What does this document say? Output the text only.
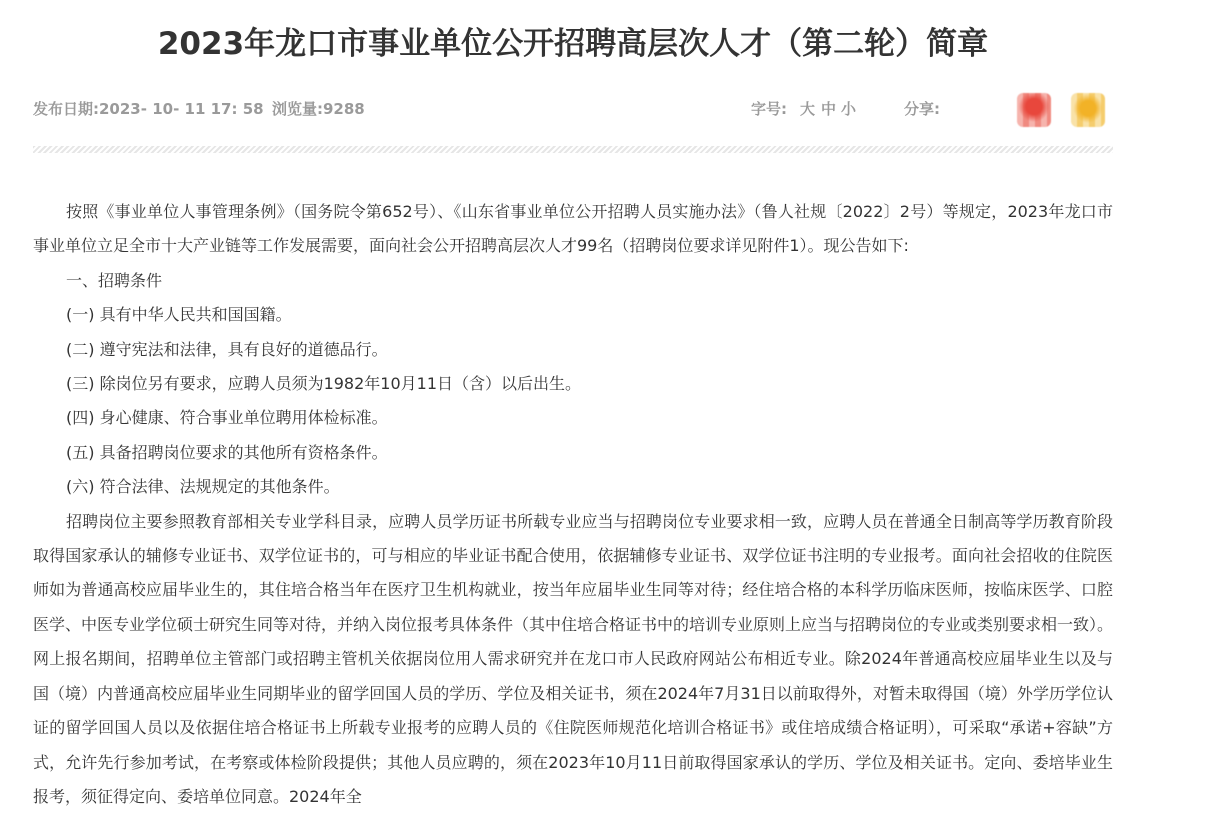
2023年龙口市事业单位公开招聘高层次人才（第二轮）简章
发布日期:2023- 10- 11 17: 58 浏览量:9288	字号: 大 中 小	分享:

按照《事业单位人事管理条例》（国务院令第652号）、《山东省事业单位公开招聘人员实施办法》（鲁人社规〔2022〕2号）等规定，2023年龙口市事业单位立足全市十大产业链等工作发展需要，面向社会公开招聘高层次人才99名（招聘岗位要求详见附件1）。现公告如下:

一、招聘条件

(一) 具有中华人民共和国国籍。

(二) 遵守宪法和法律，具有良好的道德品行。

(三) 除岗位另有要求，应聘人员须为1982年10月11日（含）以后出生。

(四) 身心健康、符合事业单位聘用体检标准。

(五) 具备招聘岗位要求的其他所有资格条件。

(六) 符合法律、法规规定的其他条件。

招聘岗位主要参照教育部相关专业学科目录，应聘人员学历证书所载专业应当与招聘岗位专业要求相一致，应聘人员在普通全日制高等学历教育阶段取得国家承认的辅修专业证书、双学位证书的，可与相应的毕业证书配合使用，依据辅修专业证书、双学位证书注明的专业报考。面向社会招收的住院医师如为普通高校应届毕业生的，其住培合格当年在医疗卫生机构就业，按当年应届毕业生同等对待；经住培合格的本科学历临床医师，按临床医学、口腔医学、中医专业学位硕士研究生同等对待，并纳入岗位报考具体条件（其中住培合格证书中的培训专业原则上应当与招聘岗位的专业或类别要求相一致）。网上报名期间，招聘单位主管部门或招聘主管机关依据岗位用人需求研究并在龙口市人民政府网站公布相近专业。除2024年普通高校应届毕业生以及与国（境）内普通高校应届毕业生同期毕业的留学回国人员的学历、学位及相关证书，须在2024年7月31日以前取得外，对暂未取得国（境）外学历学位认证的留学回国人员以及依据住培合格证书上所载专业报考的应聘人员的《住院医师规范化培训合格证书》或住培成绩合格证明），可采取“承诺+容缺”方式，允许先行参加考试，在考察或体检阶段提供；其他人员应聘的，须在2023年10月11日前取得国家承认的学历、学位及相关证书。定向、委培毕业生报考，须征得定向、委培单位同意。2024年全
